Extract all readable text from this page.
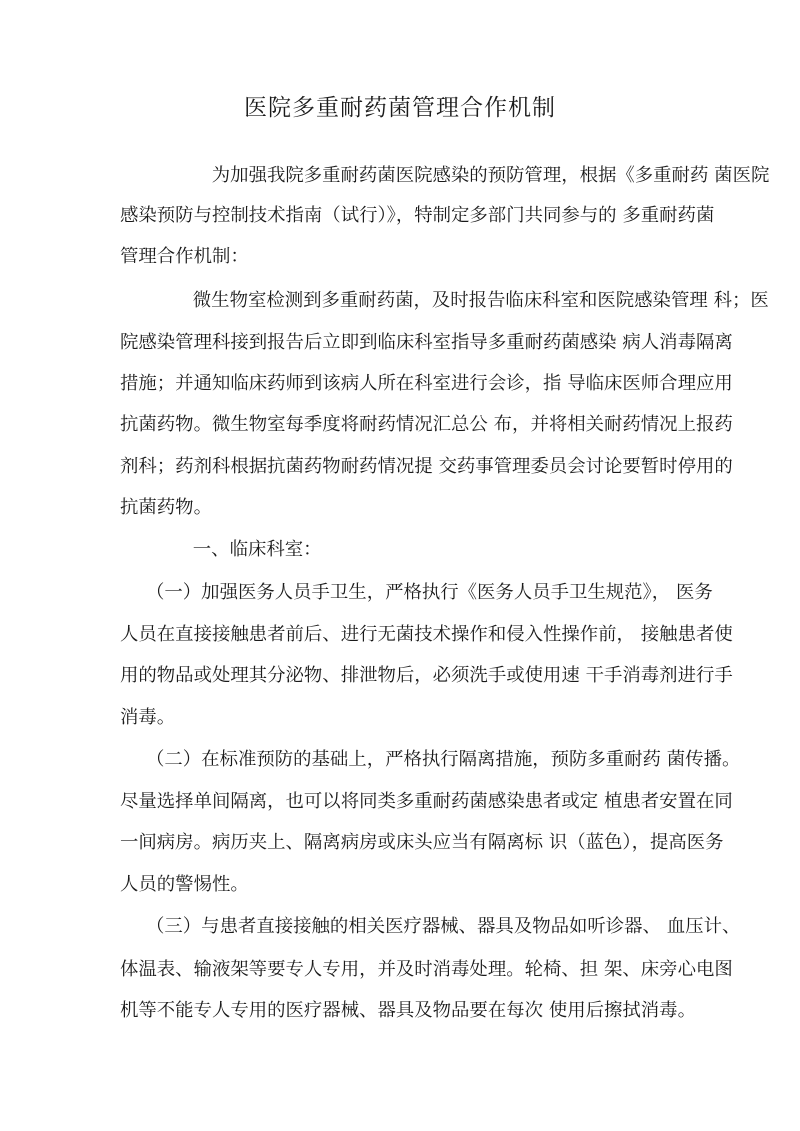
医院多重耐药菌管理合作机制

　　为加强我院多重耐药菌医院感染的预防管理，根据《多重耐药 菌医院

感染预防与控制技术指南（试行）》，特制定多部门共同参与的 多重耐药菌

管理合作机制：

　　微生物室检测到多重耐药菌，及时报告临床科室和医院感染管理 科；医

院感染管理科接到报告后立即到临床科室指导多重耐药菌感染 病人消毒隔离

措施；并通知临床药师到该病人所在科室进行会诊，指 导临床医师合理应用

抗菌药物。微生物室每季度将耐药情况汇总公 布，并将相关耐药情况上报药

剂科；药剂科根据抗菌药物耐药情况提 交药事管理委员会讨论要暂时停用的

抗菌药物。

　　一、临床科室：

（一）加强医务人员手卫生，严格执行《医务人员手卫生规范》， 医务

人员在直接接触患者前后、进行无菌技术操作和侵入性操作前， 接触患者使

用的物品或处理其分泌物、排泄物后，必须洗手或使用速 干手消毒剂进行手

消毒。

（二）在标准预防的基础上，严格执行隔离措施，预防多重耐药 菌传播。

尽量选择单间隔离，也可以将同类多重耐药菌感染患者或定 植患者安置在同

一间病房。病历夹上、隔离病房或床头应当有隔离标 识（蓝色），提高医务

人员的警惕性。

（三）与患者直接接触的相关医疗器械、器具及物品如听诊器、 血压计、

体温表、输液架等要专人专用，并及时消毒处理。轮椅、担 架、床旁心电图

机等不能专人专用的医疗器械、器具及物品要在每次 使用后擦拭消毒。
